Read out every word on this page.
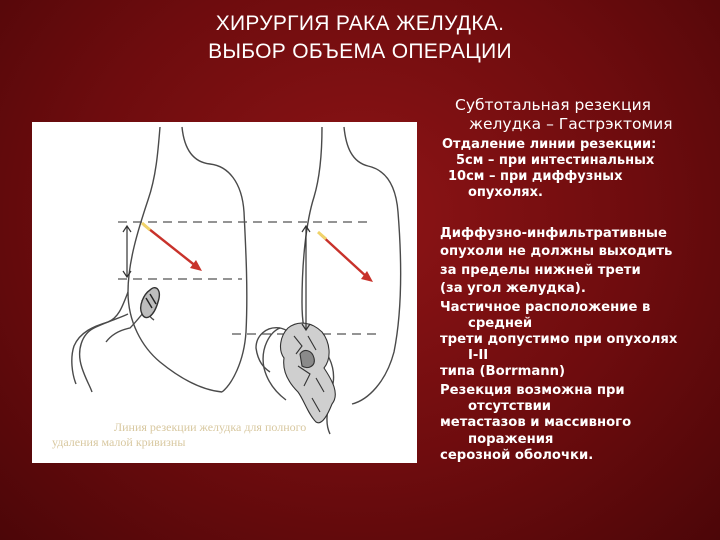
ХИРУРГИЯ РАКА ЖЕЛУДКА.
ВЫБОР ОБЪЕМА ОПЕРАЦИИ
Субтотальная резекция
желудка – Гастрэктомия
Отдаление линии резекции:
5см – при интестинальных
10см – при диффузных
опухолях.
Диффузно-инфильтративные
опухоли не должны выходить
за пределы нижней трети
(за угол желудка).
Частичное расположение в
средней
трети допустимо при опухолях
I-II
типа (Borrmann)
Резекция возможна при
отсутствии
метастазов и массивного
поражения
серозной оболочки.
Линия резекции желудка для полного
удаления малой кривизны
